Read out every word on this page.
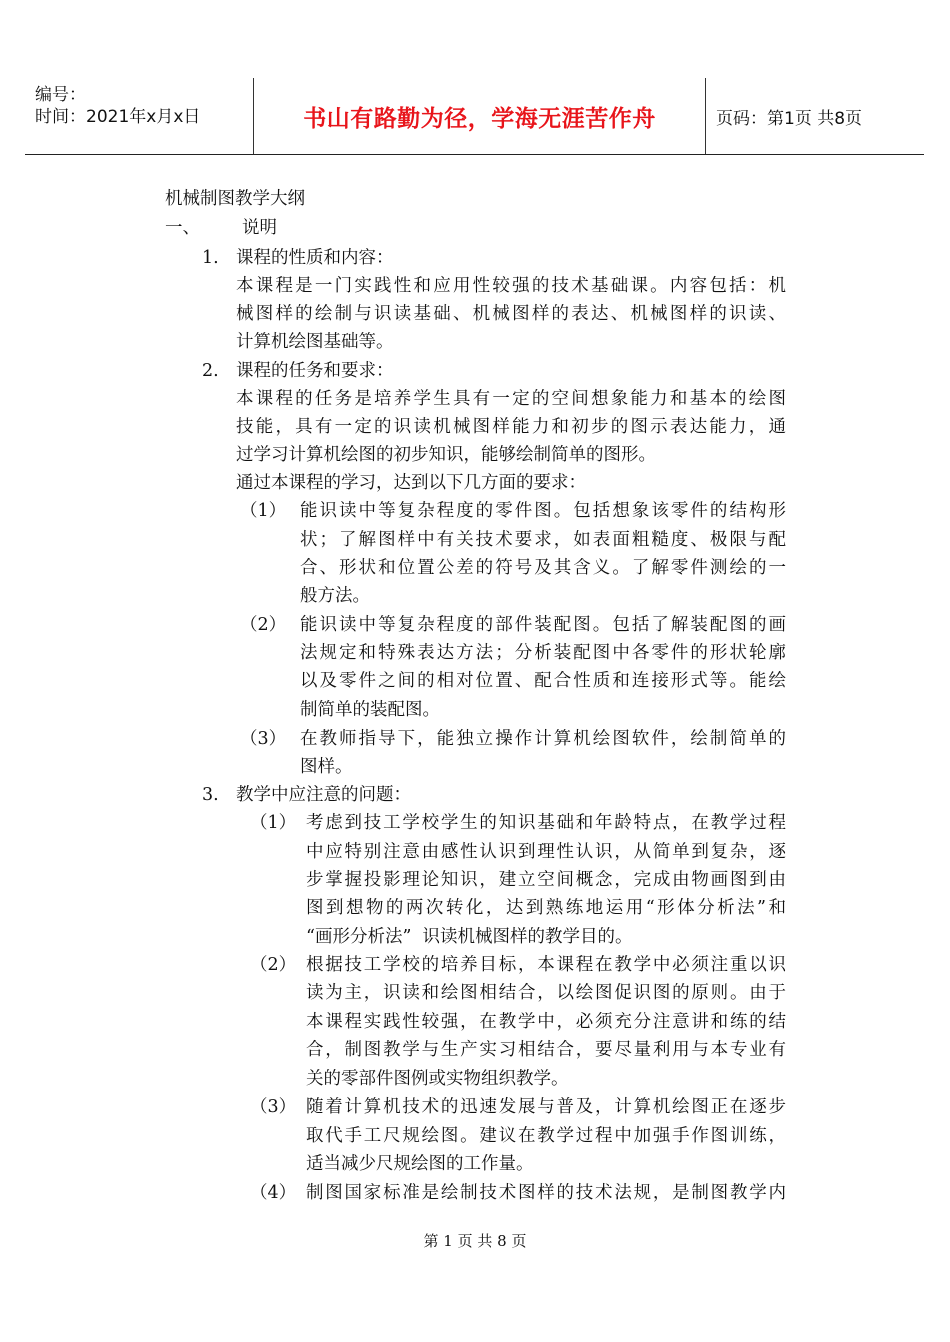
编号：
时间：2021年x月x日	书山有路勤为径，学海无涯苦作舟	页码：第1页 共8页
机械制图教学大纲
一、 说明
1. 课程的性质和内容：
本课程是一门实践性和应用性较强的技术基础课。内容包括：机
械图样的绘制与识读基础、机械图样的表达、机械图样的识读、
计算机绘图基础等。
2. 课程的任务和要求：
本课程的任务是培养学生具有一定的空间想象能力和基本的绘图
技能，具有一定的识读机械图样能力和初步的图示表达能力，通
过学习计算机绘图的初步知识，能够绘制简单的图形。
通过本课程的学习，达到以下几方面的要求：
（1） 能识读中等复杂程度的零件图。包括想象该零件的结构形
状；了解图样中有关技术要求，如表面粗糙度、极限与配
合、形状和位置公差的符号及其含义。了解零件测绘的一
般方法。
（2） 能识读中等复杂程度的部件装配图。包括了解装配图的画
法规定和特殊表达方法；分析装配图中各零件的形状轮廓
以及零件之间的相对位置、配合性质和连接形式等。能绘
制简单的装配图。
（3） 在教师指导下，能独立操作计算机绘图软件，绘制简单的
图样。
3. 教学中应注意的问题：
（1） 考虑到技工学校学生的知识基础和年龄特点，在教学过程
中应特别注意由感性认识到理性认识，从简单到复杂，逐
步掌握投影理论知识，建立空间概念，完成由物画图到由
图到想物的两次转化，达到熟练地运用“形体分析法”和
“画形分析法”  识读机械图样的教学目的。
（2） 根据技工学校的培养目标，本课程在教学中必须注重以识
读为主，识读和绘图相结合，以绘图促识图的原则。由于
本课程实践性较强，在教学中，必须充分注意讲和练的结
合，制图教学与生产实习相结合，要尽量利用与本专业有
关的零部件图例或实物组织教学。
（3） 随着计算机技术的迅速发展与普及，计算机绘图正在逐步
取代手工尺规绘图。建议在教学过程中加强手作图训练，
适当减少尺规绘图的工作量。
（4） 制图国家标准是绘制技术图样的技术法规，是制图教学内
第 1 页 共 8 页
